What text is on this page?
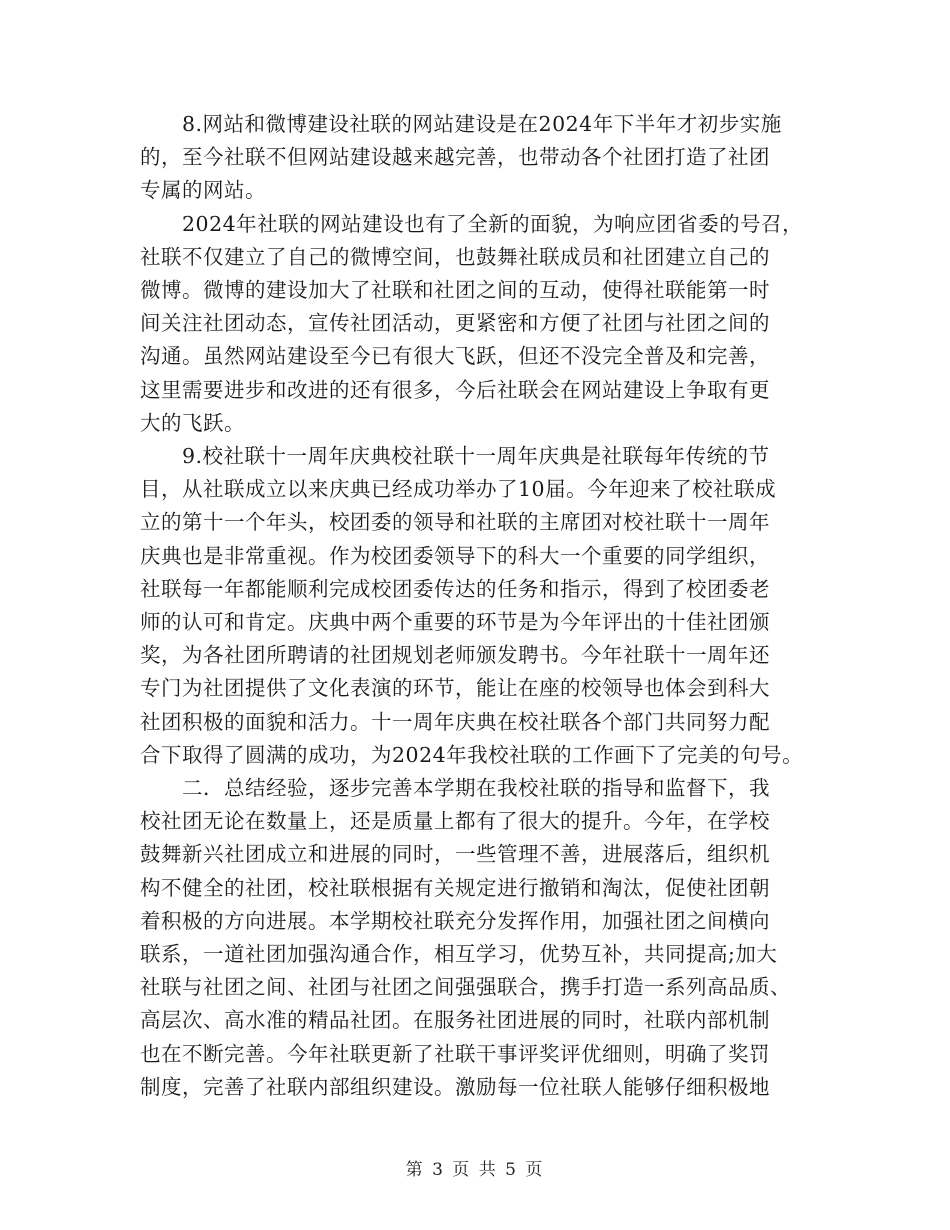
8.网站和微博建设社联的网站建设是在2024年下半年才初步实施
的，至今社联不但网站建设越来越完善，也带动各个社团打造了社团
专属的网站。

2024年社联的网站建设也有了全新的面貌，为响应团省委的号召，
社联不仅建立了自己的微博空间，也鼓舞社联成员和社团建立自己的
微博。微博的建设加大了社联和社团之间的互动，使得社联能第一时
间关注社团动态，宣传社团活动，更紧密和方便了社团与社团之间的
沟通。虽然网站建设至今已有很大飞跃，但还不没完全普及和完善，
这里需要进步和改进的还有很多，今后社联会在网站建设上争取有更
大的飞跃。

9.校社联十一周年庆典校社联十一周年庆典是社联每年传统的节
目，从社联成立以来庆典已经成功举办了10届。今年迎来了校社联成
立的第十一个年头，校团委的领导和社联的主席团对校社联十一周年
庆典也是非常重视。作为校团委领导下的科大一个重要的同学组织，
社联每一年都能顺利完成校团委传达的任务和指示，得到了校团委老
师的认可和肯定。庆典中两个重要的环节是为今年评出的十佳社团颁
奖，为各社团所聘请的社团规划老师颁发聘书。今年社联十一周年还
专门为社团提供了文化表演的环节，能让在座的校领导也体会到科大
社团积极的面貌和活力。十一周年庆典在校社联各个部门共同努力配
合下取得了圆满的成功，为2024年我校社联的工作画下了完美的句号。

二．总结经验，逐步完善本学期在我校社联的指导和监督下，我
校社团无论在数量上，还是质量上都有了很大的提升。今年，在学校
鼓舞新兴社团成立和进展的同时，一些管理不善，进展落后，组织机
构不健全的社团，校社联根据有关规定进行撤销和淘汰，促使社团朝
着积极的方向进展。本学期校社联充分发挥作用，加强社团之间横向
联系，一道社团加强沟通合作，相互学习，优势互补，共同提高;加大
社联与社团之间、社团与社团之间强强联合，携手打造一系列高品质、
高层次、高水准的精品社团。在服务社团进展的同时，社联内部机制
也在不断完善。今年社联更新了社联干事评奖评优细则，明确了奖罚
制度，完善了社联内部组织建设。激励每一位社联人能够仔细积极地

第 3 页 共 5 页
